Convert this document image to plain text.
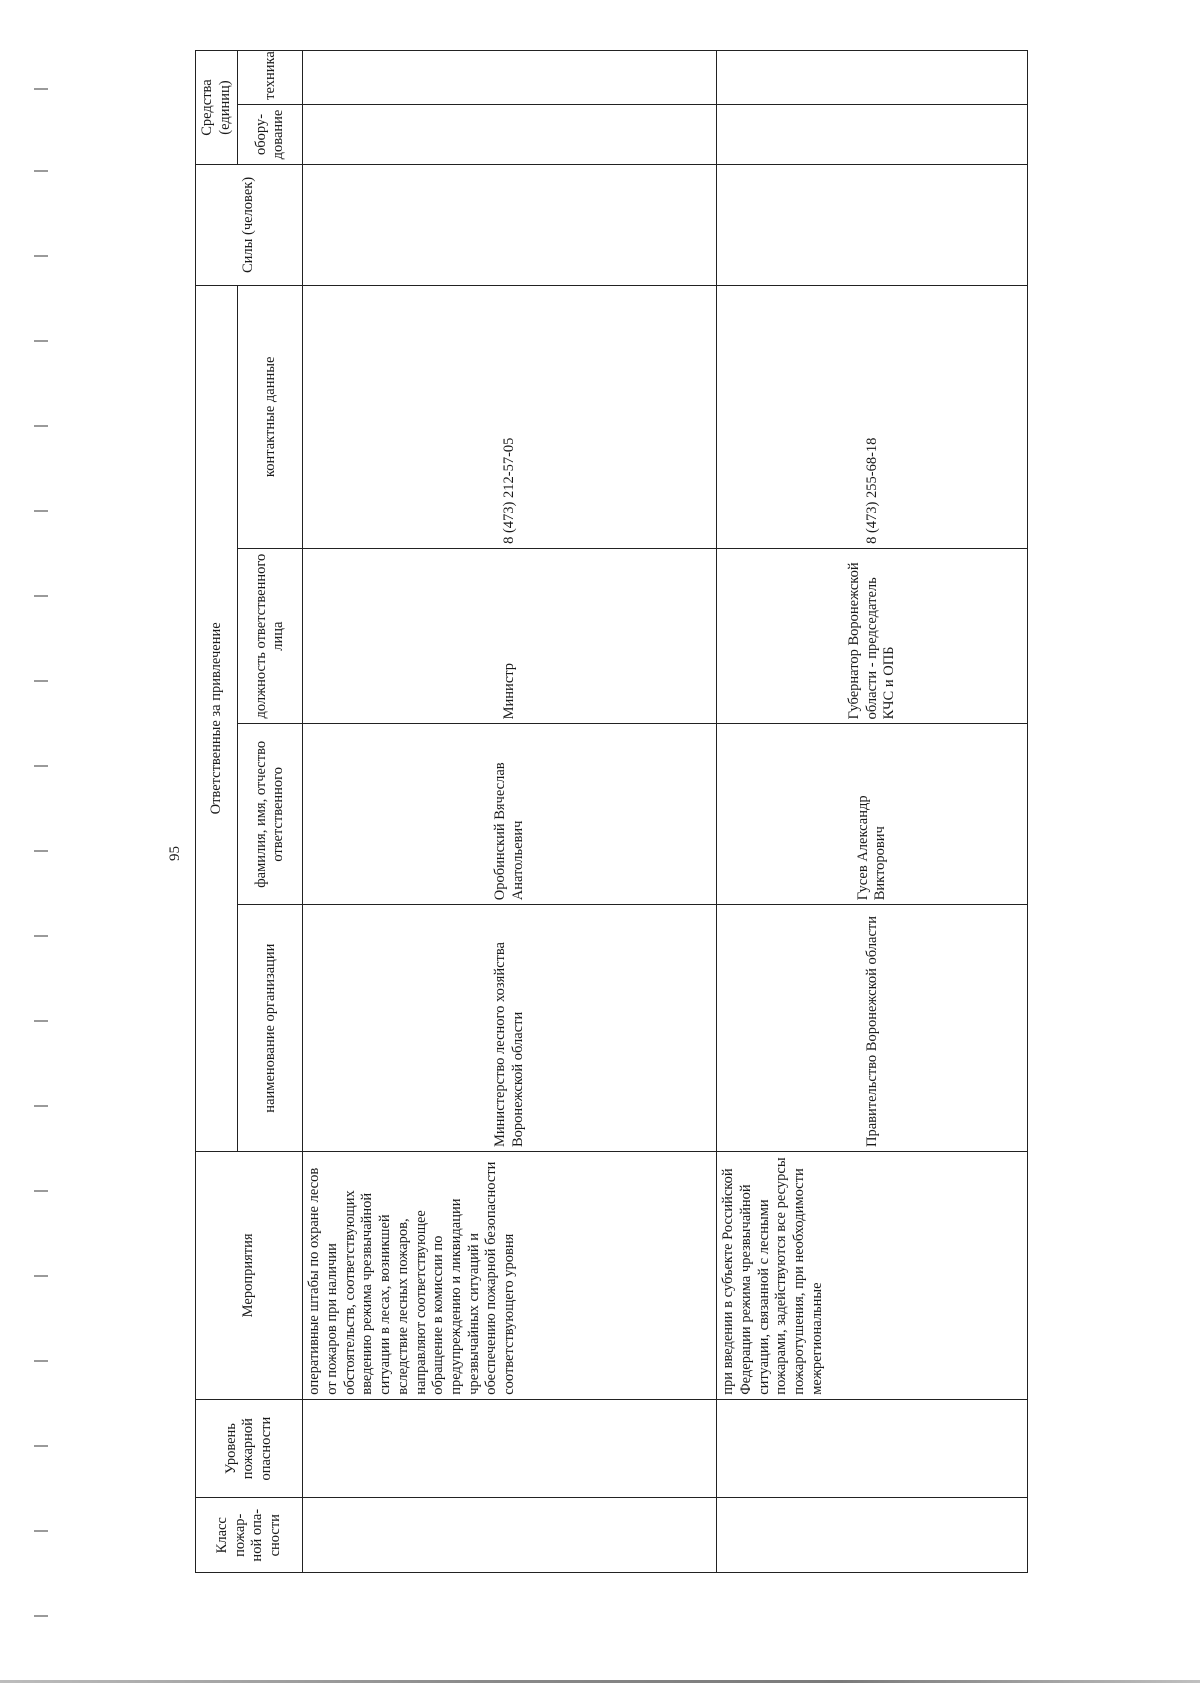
95
Класс пожар-ной опа-сности	Уровень пожарной опасности	Мероприятия	Ответственные за привлечение				Силы (человек)	Средства (единиц)	
			наименование организации	фамилия, имя, отчество ответственного	должность ответственного лица	контактные данные		обору-дование	техника
		оперативные штабы по охране лесов от пожаров при наличии обстоятельств, соответствующих введению режима чрезвычайной ситуации в лесах, возникшей вследствие лесных пожаров, направляют соответствующее обращение в комиссии по предупреждению и ликвидации чрезвычайных ситуаций и обеспечению пожарной безопасности соответствующего уровня	Министерство лесного хозяйства Воронежской области	Оробинский Вячеслав Анатольевич	Министр	8 (473) 212-57-05			
		при введении в субъекте Российской Федерации режима чрезвычайной ситуации, связанной с лесными пожарами, задействуются все ресурсы пожаротушения, при необходимости межрегиональные	Правительство Воронежской области	Гусев Александр Викторович	Губернатор Воронежской области - председатель КЧС и ОПБ	8 (473) 255-68-18			
